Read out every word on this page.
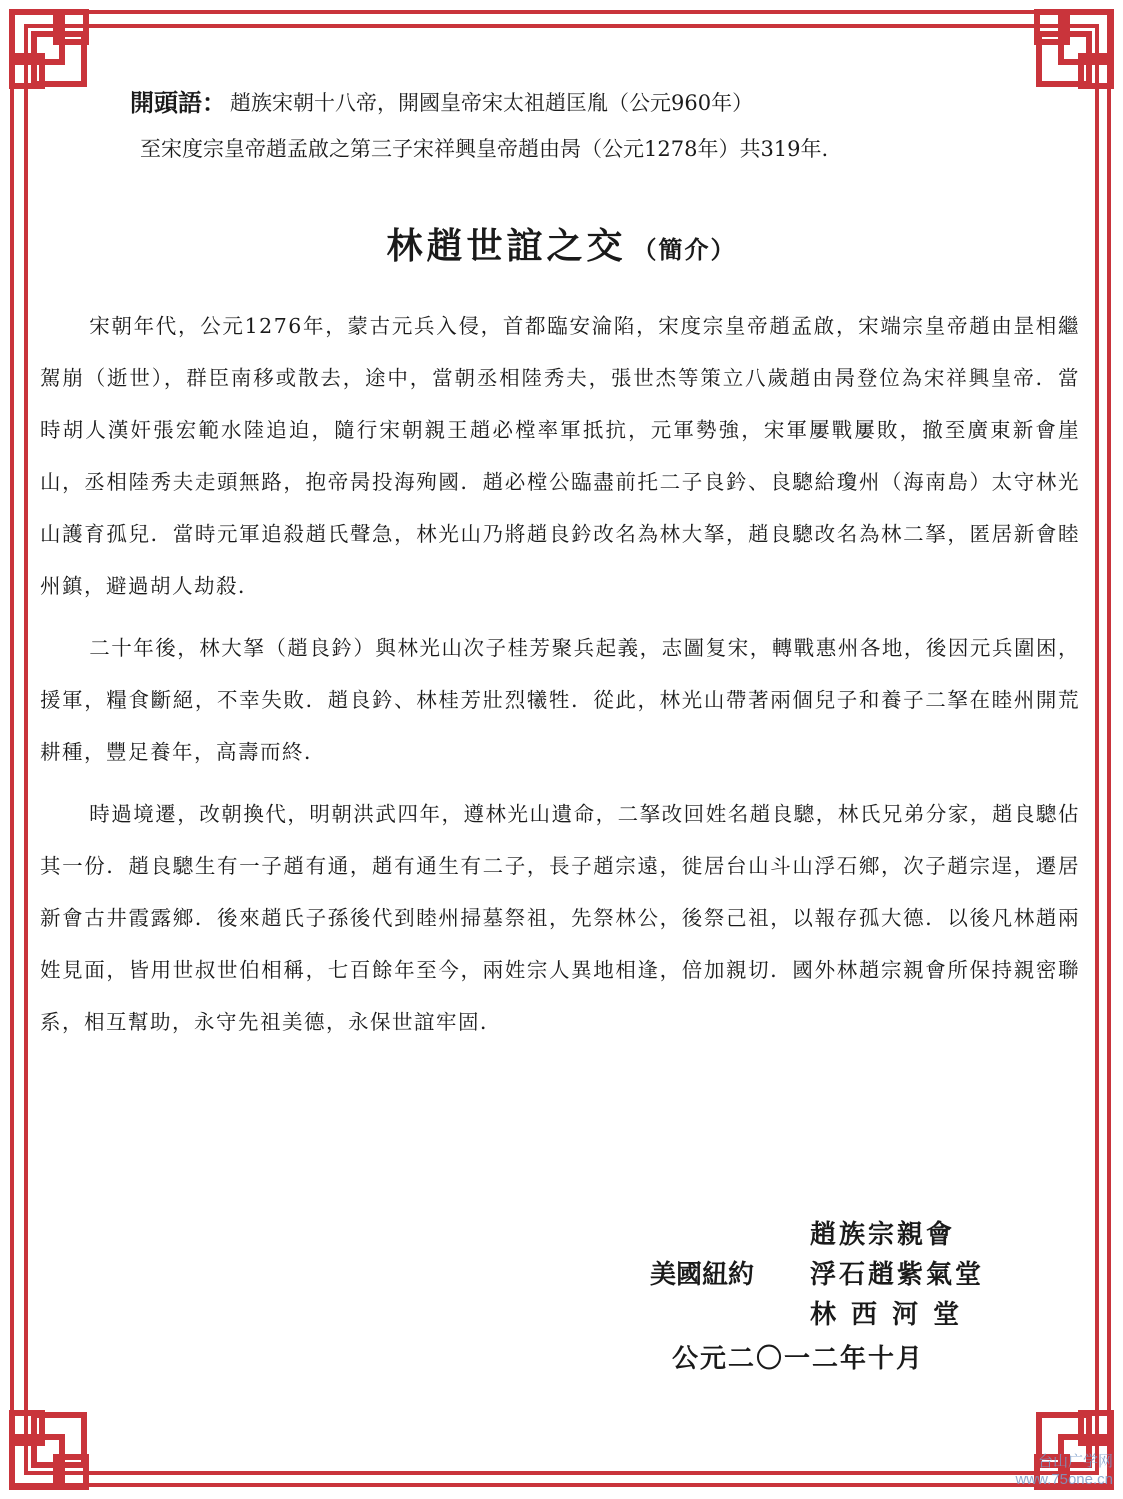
開頭語： 趙族宋朝十八帝，開國皇帝宋太祖趙匡胤（公元960年）
至宋度宗皇帝趙孟啟之第三子宋祥興皇帝趙由昺（公元1278年）共319年.
林趙世誼之交 （簡介）

宋朝年代，公元1276年，蒙古元兵入侵，首都臨安淪陷，宋度宗皇帝趙孟啟，宋端宗皇帝趙由昰相繼駕崩（逝世），群臣南移或散去，途中，當朝丞相陸秀夫，張世杰等策立八歲趙由昺登位為宋祥興皇帝．當時胡人漢奸張宏範水陸追迫，隨行宋朝親王趙必樘率軍抵抗，元軍勢強，宋軍屢戰屢敗，撤至廣東新會崖山，丞相陸秀夫走頭無路，抱帝昺投海殉國．趙必樘公臨盡前托二子良鈐、良驄給瓊州（海南島）太守林光山護育孤兒．當時元軍追殺趙氏聲急，林光山乃將趙良鈐改名為林大拏，趙良驄改名為林二拏，匿居新會睦州鎮，避過胡人劫殺．

二十年後，林大拏（趙良鈐）與林光山次子桂芳聚兵起義，志圖复宋，轉戰惠州各地，後因元兵圍困，援軍，糧食斷絕，不幸失敗．趙良鈐、林桂芳壯烈犧牲．從此，林光山帶著兩個兒子和養子二拏在睦州開荒耕種，豐足養年，高壽而終．

時過境遷，改朝換代，明朝洪武四年，遵林光山遺命，二拏改回姓名趙良驄，林氏兄弟分家，趙良驄佔其一份．趙良驄生有一子趙有通，趙有通生有二子，長子趙宗遠，徙居台山斗山浮石鄉，次子趙宗逞，遷居新會古井霞露鄉．後來趙氏子孫後代到睦州掃墓祭祖，先祭林公，後祭己祖，以報存孤大德．以後凡林趙兩姓見面，皆用世叔世伯相稱，七百餘年至今，兩姓宗人異地相逢，倍加親切．國外林趙宗親會所保持親密聯系，相互幫助，永守先祖美德，永保世誼牢固．

趙族宗親會
美國紐約	浮石趙紫氣堂
林 西 河 堂
公元二〇一二年十月
台山广学网
www.75one.cn
